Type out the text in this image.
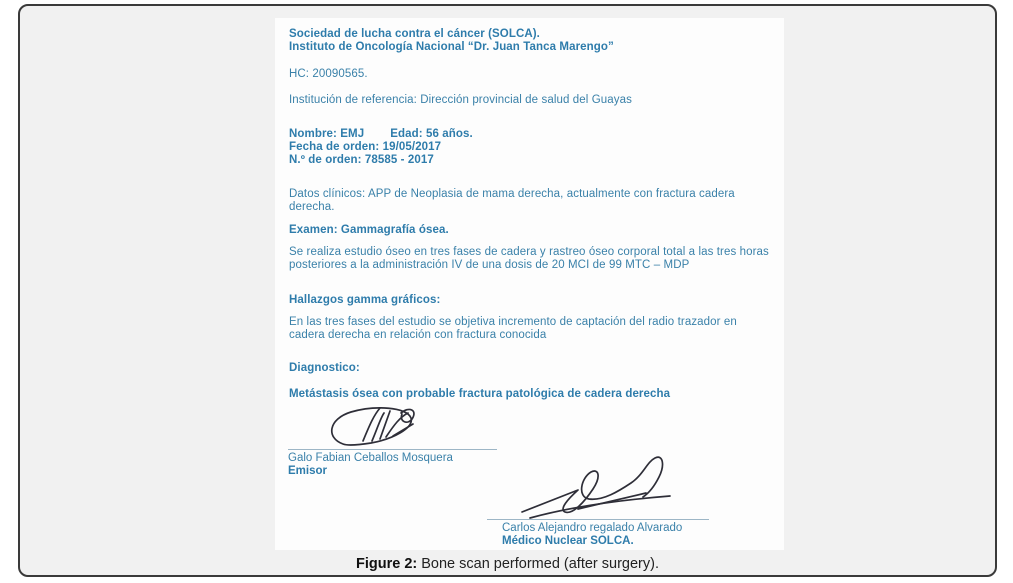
Sociedad de lucha contra el cáncer (SOLCA).
Instituto de Oncología Nacional “Dr. Juan Tanca Marengo”
HC: 20090565.
Institución de referencia: Dirección provincial de salud del Guayas
Nombre: EMJ Edad: 56 años.
Fecha de orden: 19/05/2017
N.º de orden: 78585 - 2017
Datos clínicos: APP de Neoplasia de mama derecha, actualmente con fractura cadera derecha.
Examen: Gammagrafía ósea.
Se realiza estudio óseo en tres fases de cadera y rastreo óseo corporal total a las tres horas posteriores a la administración IV de una dosis de 20 MCI de 99 MTC – MDP
Hallazgos gamma gráficos:
En las tres fases del estudio se objetiva incremento de captación del radio trazador en cadera derecha en relación con fractura conocida
Diagnostico:
Metástasis ósea con probable fractura patológica de cadera derecha
Galo Fabian Ceballos Mosquera
Emisor
Carlos Alejandro regalado Alvarado
Médico Nuclear SOLCA.
Figure 2: Bone scan performed (after surgery).
